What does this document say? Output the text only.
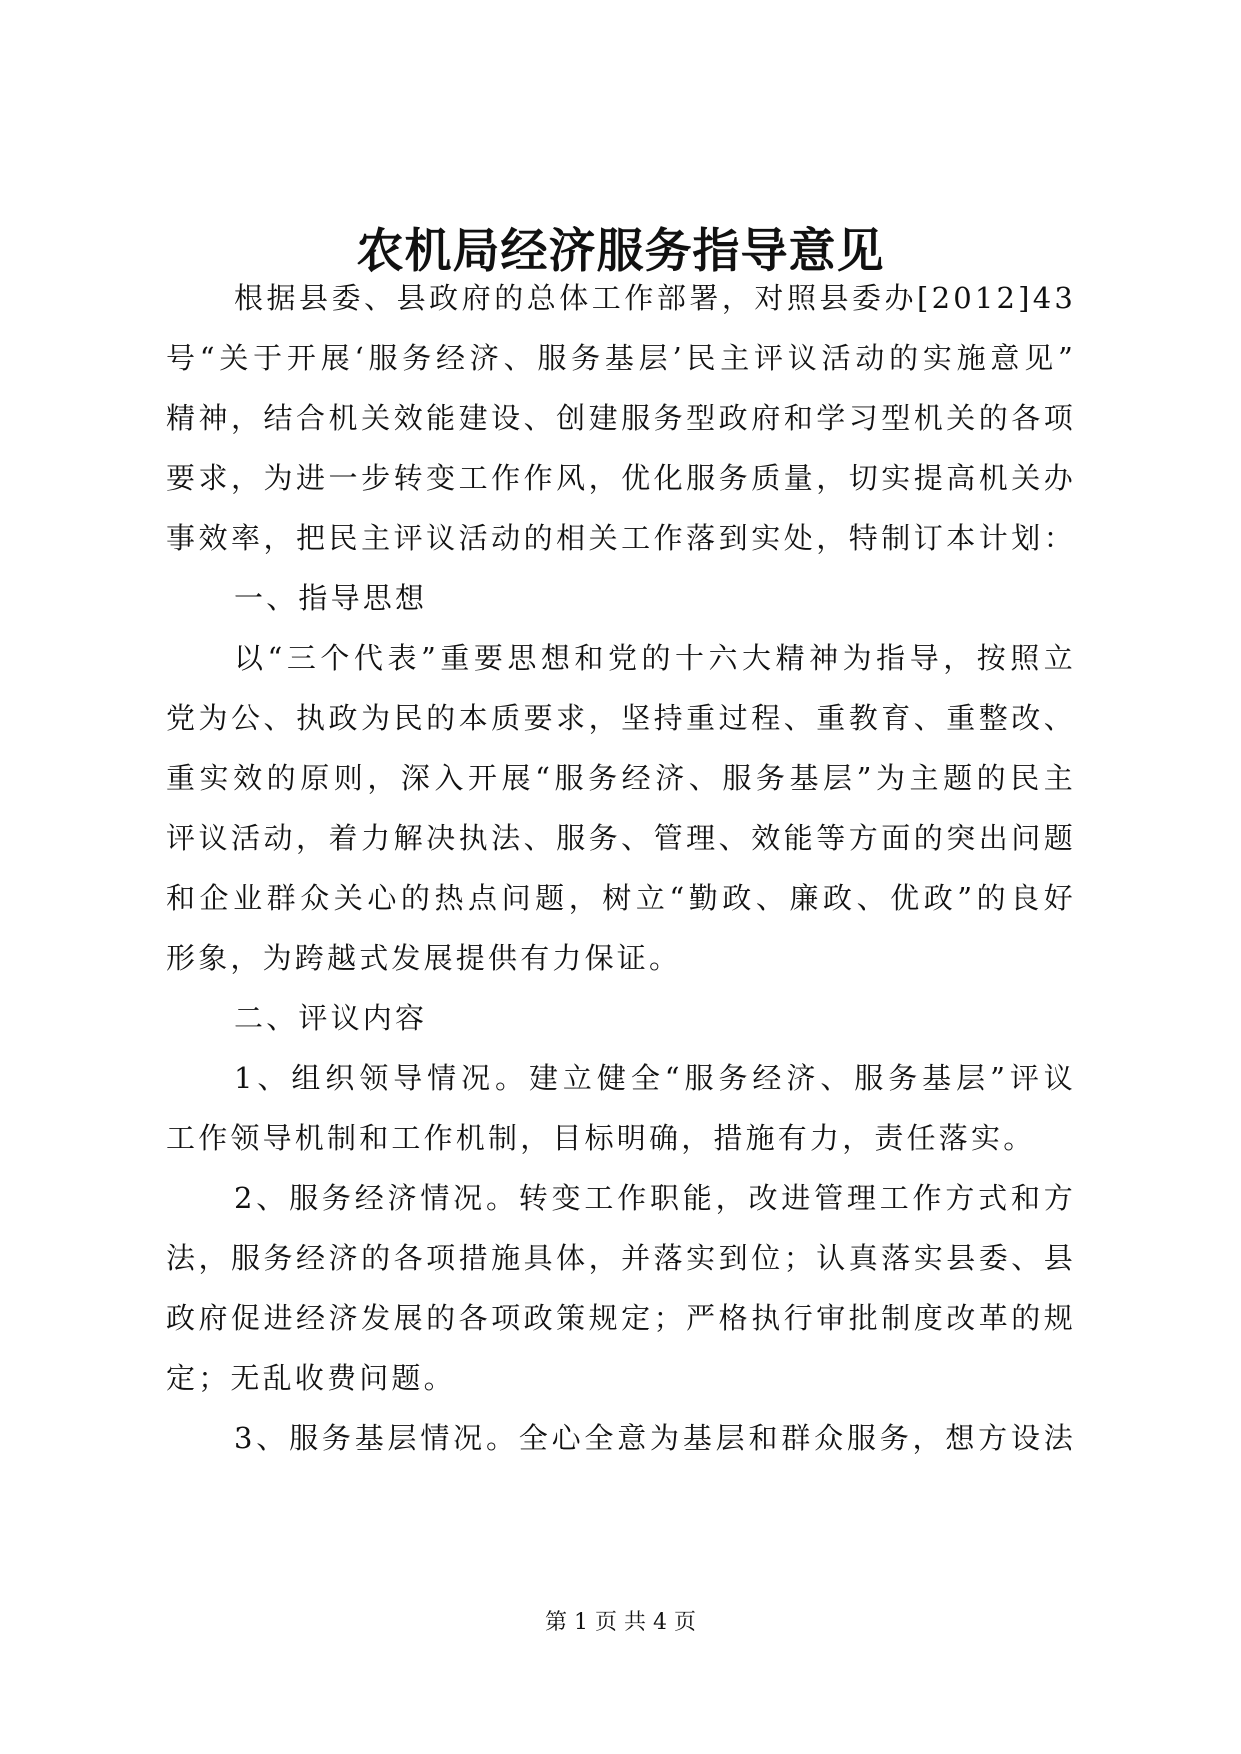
农机局经济服务指导意见
根据县委、县政府的总体工作部署，对照县委办[2012]43
号“关于开展‘服务经济、服务基层’民主评议活动的实施意见”
精神，结合机关效能建设、创建服务型政府和学习型机关的各项
要求，为进一步转变工作作风，优化服务质量，切实提高机关办
事效率，把民主评议活动的相关工作落到实处，特制订本计划：
一、指导思想
以“三个代表”重要思想和党的十六大精神为指导，按照立
党为公、执政为民的本质要求，坚持重过程、重教育、重整改、
重实效的原则，深入开展“服务经济、服务基层”为主题的民主
评议活动，着力解决执法、服务、管理、效能等方面的突出问题
和企业群众关心的热点问题，树立“勤政、廉政、优政”的良好
形象，为跨越式发展提供有力保证。
二、评议内容
1、组织领导情况。建立健全“服务经济、服务基层”评议
工作领导机制和工作机制，目标明确，措施有力，责任落实。
2、服务经济情况。转变工作职能，改进管理工作方式和方
法，服务经济的各项措施具体，并落实到位；认真落实县委、县
政府促进经济发展的各项政策规定；严格执行审批制度改革的规
定；无乱收费问题。
3、服务基层情况。全心全意为基层和群众服务，想方设法
第 1 页 共 4 页
